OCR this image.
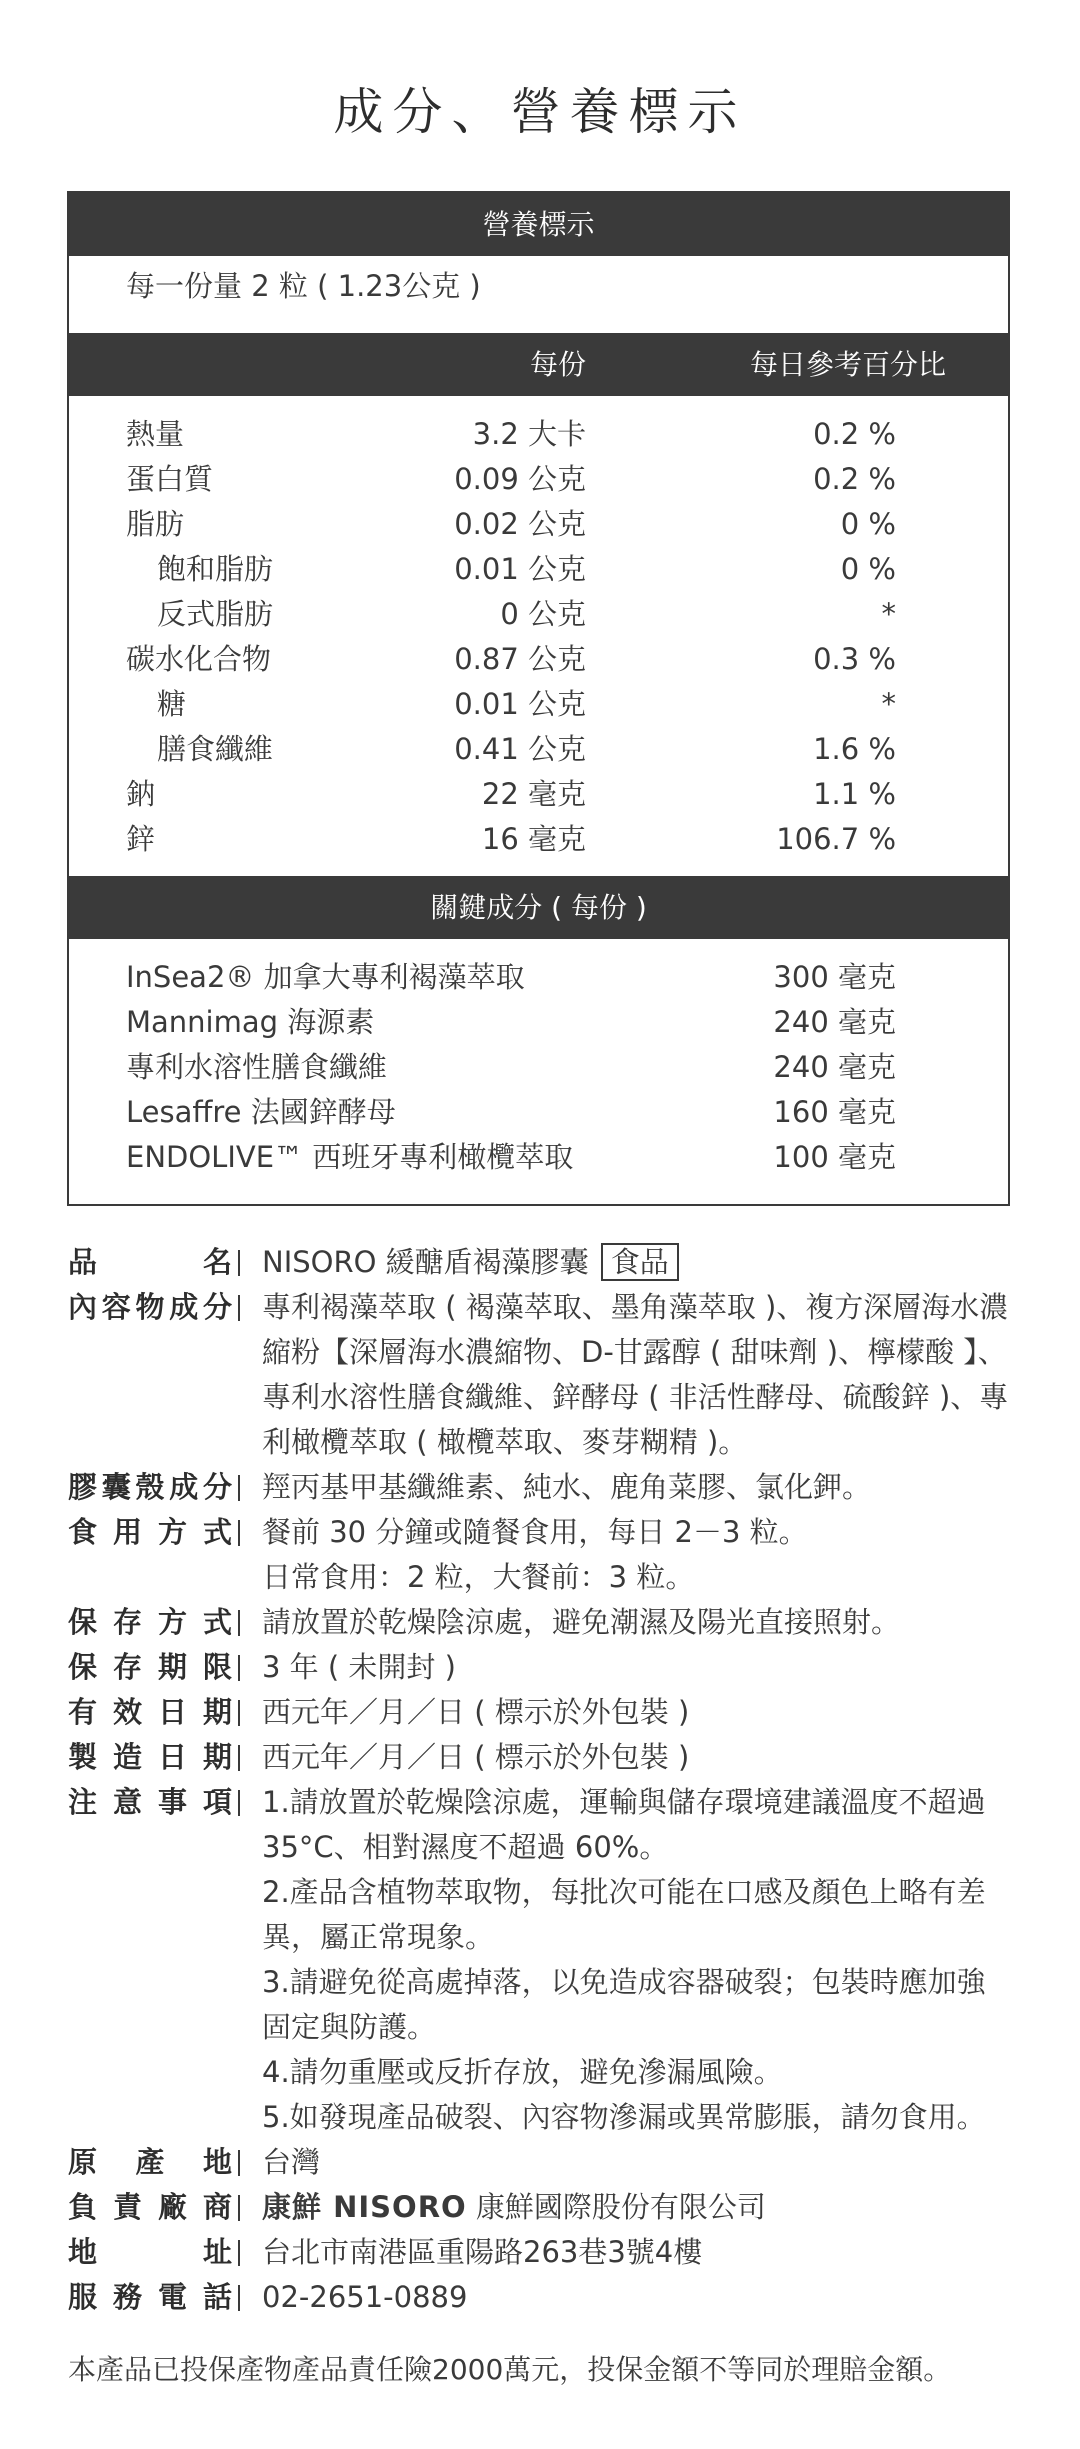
成分、營養標示
營養標示
每一份量 2 粒 ( 1.23公克 )
每份	每日參考百分比
熱量	3.2 大卡	0.2 %
蛋白質	0.09 公克	0.2 %
脂肪	0.02 公克	0 %
飽和脂肪	0.01 公克	0 %
反式脂肪	0 公克	*
碳水化合物	0.87 公克	0.3 %
糖	0.01 公克	*
膳食纖維	0.41 公克	1.6 %
鈉	22 毫克	1.1 %
鋅	16 毫克	106.7 %
關鍵成分 ( 每份 )
InSea2® 加拿大專利褐藻萃取	300 毫克
Mannimag 海源素	240 毫克
專利水溶性膳食纖維	240 毫克
Lesaffre 法國鋅酵母	160 毫克
ENDOLIVE™ 西班牙專利橄欖萃取	100 毫克
品名 NISORO 緩醣盾褐藻膠囊 食品
內容物成分 專利褐藻萃取 ( 褐藻萃取、墨角藻萃取 )、複方深層海水濃
縮粉【深層海水濃縮物、D-甘露醇 ( 甜味劑 )、檸檬酸 】、
專利水溶性膳食纖維、鋅酵母 ( 非活性酵母、硫酸鋅 )、專
利橄欖萃取 ( 橄欖萃取、麥芽糊精 )。
膠囊殼成分 羥丙基甲基纖維素、純水、鹿角菜膠、氯化鉀。
食用方式 餐前 30 分鐘或隨餐食用，每日 2－3 粒。
日常食用：2 粒，大餐前：3 粒。
保存方式 請放置於乾燥陰涼處，避免潮濕及陽光直接照射。
保存期限 3 年 ( 未開封 )
有效日期 西元年／月／日 ( 標示於外包裝 )
製造日期 西元年／月／日 ( 標示於外包裝 )
注意事項 1.請放置於乾燥陰涼處，運輸與儲存環境建議溫度不超過
35°C、相對濕度不超過 60%。
2.產品含植物萃取物，每批次可能在口感及顏色上略有差
異，屬正常現象。
3.請避免從高處掉落，以免造成容器破裂；包裝時應加強
固定與防護。
4.請勿重壓或反折存放，避免滲漏風險。
5.如發現產品破裂、內容物滲漏或異常膨脹，請勿食用。
原產地 台灣
負責廠商 康鮮 NISORO 康鮮國際股份有限公司
地址 台北市南港區重陽路263巷3號4樓
服務電話 02-2651-0889
本產品已投保產物產品責任險2000萬元，投保金額不等同於理賠金額。
